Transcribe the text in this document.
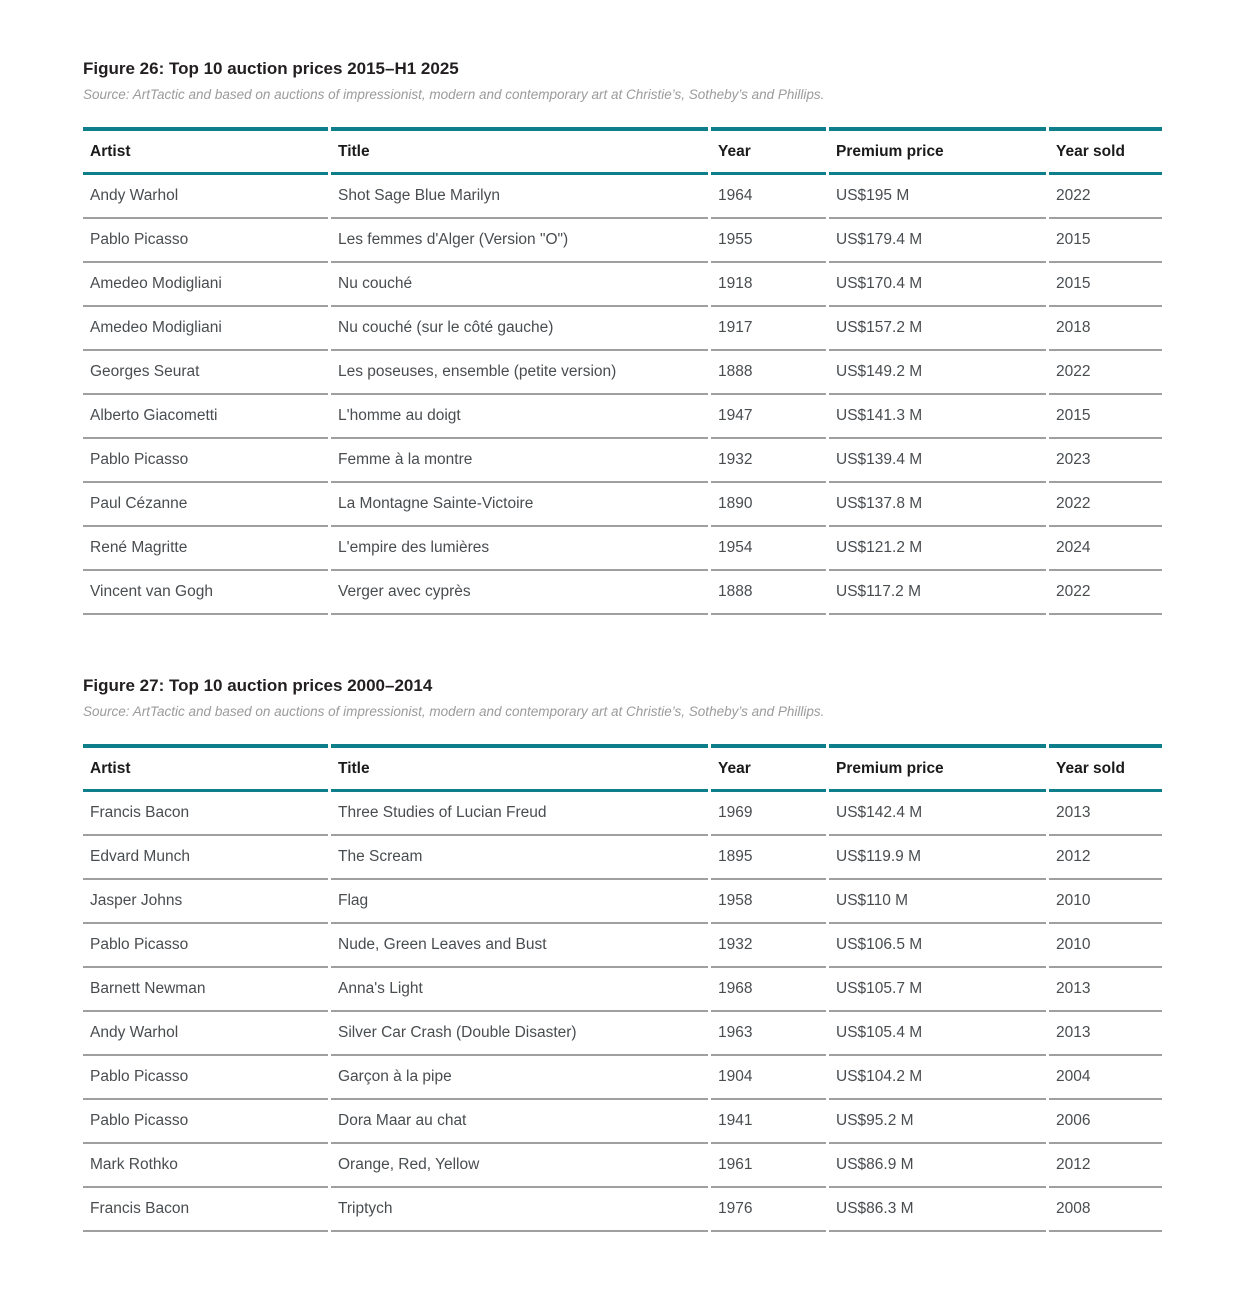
Figure 26: Top 10 auction prices 2015–H1 2025

Source: ArtTactic and based on auctions of impressionist, modern and contemporary art at Christie’s, Sotheby’s and Phillips.

Artist	Title	Year	Premium price	Year sold
Andy Warhol	Shot Sage Blue Marilyn	1964	US$195 M	2022
Pablo Picasso	Les femmes d'Alger (Version "O")	1955	US$179.4 M	2015
Amedeo Modigliani	Nu couché	1918	US$170.4 M	2015
Amedeo Modigliani	Nu couché (sur le côté gauche)	1917	US$157.2 M	2018
Georges Seurat	Les poseuses, ensemble (petite version)	1888	US$149.2 M	2022
Alberto Giacometti	L'homme au doigt	1947	US$141.3 M	2015
Pablo Picasso	Femme à la montre	1932	US$139.4 M	2023
Paul Cézanne	La Montagne Sainte-Victoire	1890	US$137.8 M	2022
René Magritte	L'empire des lumières	1954	US$121.2 M	2024
Vincent van Gogh	Verger avec cyprès	1888	US$117.2 M	2022
Figure 27: Top 10 auction prices 2000–2014

Source: ArtTactic and based on auctions of impressionist, modern and contemporary art at Christie’s, Sotheby’s and Phillips.

Artist	Title	Year	Premium price	Year sold
Francis Bacon	Three Studies of Lucian Freud	1969	US$142.4 M	2013
Edvard Munch	The Scream	1895	US$119.9 M	2012
Jasper Johns	Flag	1958	US$110 M	2010
Pablo Picasso	Nude, Green Leaves and Bust	1932	US$106.5 M	2010
Barnett Newman	Anna's Light	1968	US$105.7 M	2013
Andy Warhol	Silver Car Crash (Double Disaster)	1963	US$105.4 M	2013
Pablo Picasso	Garçon à la pipe	1904	US$104.2 M	2004
Pablo Picasso	Dora Maar au chat	1941	US$95.2 M	2006
Mark Rothko	Orange, Red, Yellow	1961	US$86.9 M	2012
Francis Bacon	Triptych	1976	US$86.3 M	2008
